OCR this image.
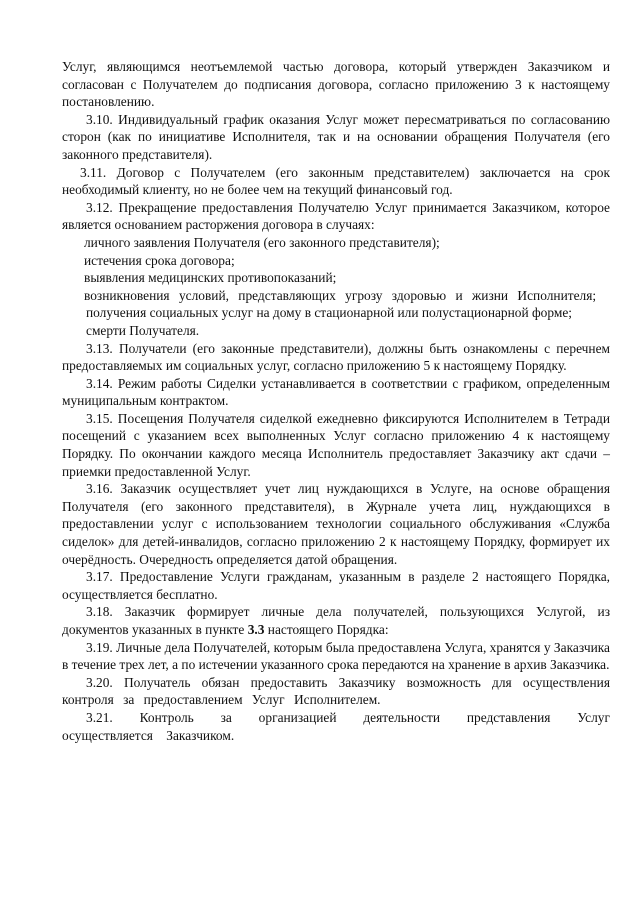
Услуг, являющимся неотъемлемой частью договора, который утвержден Заказчиком и согласован с Получателем до подписания договора, согласно приложению 3 к настоящему постановлению.

3.10. Индивидуальный график оказания Услуг может пересматриваться по согласованию сторон (как по инициативе Исполнителя, так и на основании обращения Получателя (его законного представителя).

3.11. Договор с Получателем (его законным представителем) заключается на срок необходимый клиенту, но не более чем на текущий финансовый год.

3.12. Прекращение предоставления Получателю Услуг принимается Заказчиком, которое является основанием расторжения договора в случаях:

личного заявления Получателя (его законного представителя);

истечения срока договора;

выявления медицинских противопоказаний;

возникновения условий, представляющих угрозу здоровью и жизни Исполнителя;

получения социальных услуг на дому в стационарной или полустационарной форме;

смерти Получателя.

3.13. Получатели (его законные представители), должны быть ознакомлены с перечнем предоставляемых им социальных услуг, согласно приложению 5 к настоящему Порядку.

3.14. Режим работы Сиделки устанавливается в соответствии с графиком, определенным муниципальным контрактом.

3.15. Посещения Получателя сиделкой ежедневно фиксируются Исполнителем в Тетради посещений с указанием всех выполненных Услуг согласно приложению 4 к настоящему Порядку. По окончании каждого месяца Исполнитель предоставляет Заказчику акт сдачи – приемки предоставленной Услуг.

3.16. Заказчик осуществляет учет лиц нуждающихся в Услуге, на основе обращения Получателя (его законного представителя), в Журнале учета лиц, нуждающихся в предоставлении услуг с использованием технологии социального обслуживания «Служба сиделок» для детей-инвалидов, согласно приложению 2 к настоящему Порядку, формирует их очерёдность. Очередность определяется датой обращения.

3.17. Предоставление Услуги гражданам, указанным в разделе 2 настоящего Порядка, осуществляется бесплатно.

3.18. Заказчик формирует личные дела получателей, пользующихся Услугой, из документов указанных в пункте 3.3 настоящего Порядка:

3.19. Личные дела Получателей, которым была предоставлена Услуга, хранятся у Заказчика в течение трех лет, а по истечении указанного срока передаются на хранение в архив Заказчика.

3.20. Получатель обязан предоставить Заказчику возможность для осуществления контроля за предоставлением Услуг Исполнителем.

3.21. Контроль за организацией деятельности представления Услуг осуществляется Заказчиком.
